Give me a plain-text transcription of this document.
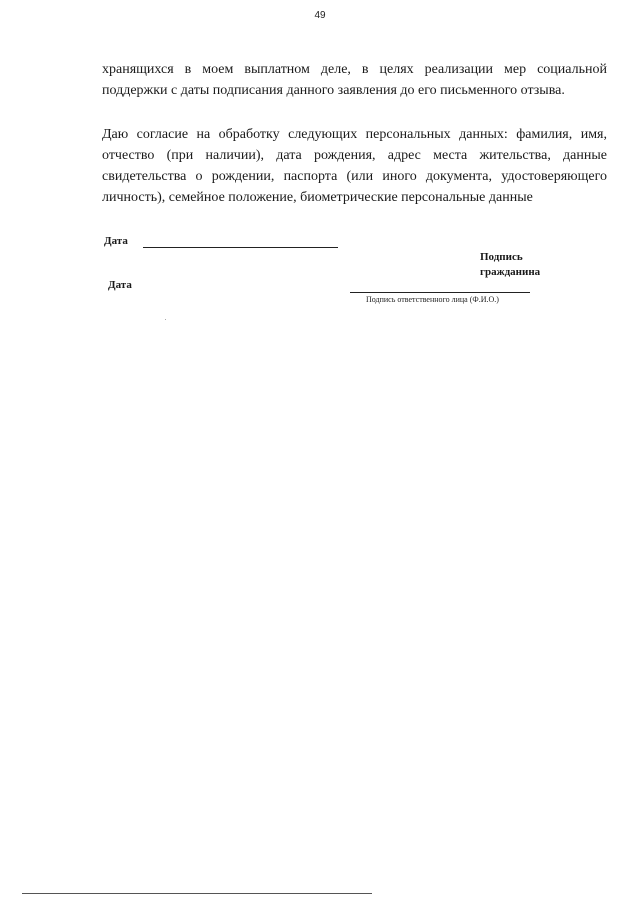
49
хранящихся в моем выплатном деле, в целях реализации мер социальной поддержки с даты подписания данного заявления до его письменного отзыва.
Даю согласие на обработку следующих персональных данных: фамилия, имя, отчество (при наличии), дата рождения, адрес места жительства, данные свидетельства о рождении, паспорта (или иного документа, удостоверяющего личность), семейное положение, биометрические персональные данные
Дата
Подпись
гражданина
Дата
Подпись ответственного лица (Ф.И.О.)
